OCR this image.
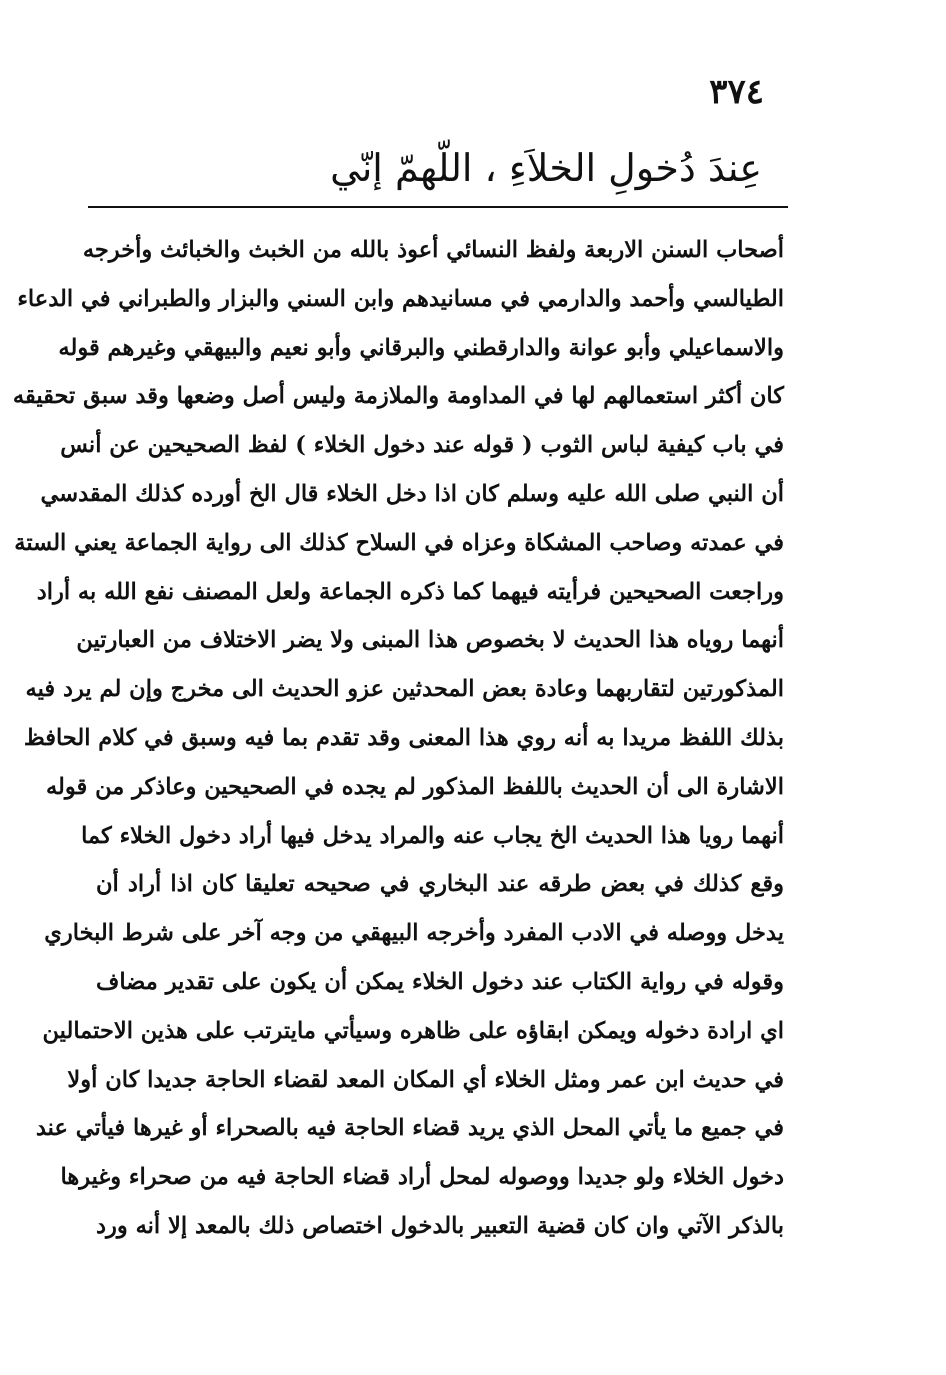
٣٧٤
عِندَ دُخولِ الخلاَءِ ، اللّهمّ إنّي
أصحاب السنن الاربعة ولفظ النسائي أعوذ بالله من الخبث والخبائث وأخرجه
الطيالسي وأحمد والدارمي في مسانيدهم وابن السني والبزار والطبراني في الدعاء
والاسماعيلي وأبو عوانة والدارقطني والبرقاني وأبو نعيم والبيهقي وغيرهم قوله
كان أكثر استعمالهم لها في المداومة والملازمة وليس أصل وضعها وقد سبق تحقيقه
في باب كيفية لباس الثوب ( قوله عند دخول الخلاء ) لفظ الصحيحين عن أنس
أن النبي صلى الله عليه وسلم كان اذا دخل الخلاء قال الخ أورده كذلك المقدسي
في عمدته وصاحب المشكاة وعزاه في السلاح كذلك الى رواية الجماعة يعني الستة
وراجعت الصحيحين فرأيته فيهما كما ذكره الجماعة ولعل المصنف نفع الله به أراد
أنهما روياه هذا الحديث لا بخصوص هذا المبنى ولا يضر الاختلاف من العبارتين
المذكورتين لتقاربهما وعادة بعض المحدثين عزو الحديث الى مخرج وإن لم يرد فيه
بذلك اللفظ مريدا به أنه روي هذا المعنى وقد تقدم بما فيه وسبق في كلام الحافظ
الاشارة الى أن الحديث باللفظ المذكور لم يجده في الصحيحين وعاذكر من قوله
أنهما رويا هذا الحديث الخ يجاب عنه والمراد يدخل فيها أراد دخول الخلاء كما
وقع كذلك في بعض طرقه عند البخاري في صحيحه تعليقا كان اذا أراد أن
يدخل ووصله في الادب المفرد وأخرجه البيهقي من وجه آخر على شرط البخاري
وقوله في رواية الكتاب عند دخول الخلاء يمكن أن يكون على تقدير مضاف
اي ارادة دخوله ويمكن ابقاؤه على ظاهره وسيأتي مايترتب على هذين الاحتمالين
في حديث ابن عمر ومثل الخلاء أي المكان المعد لقضاء الحاجة جديدا كان أولا
في جميع ما يأتي المحل الذي يريد قضاء الحاجة فيه بالصحراء أو غيرها فيأتي عند
دخول الخلاء ولو جديدا ووصوله لمحل أراد قضاء الحاجة فيه من صحراء وغيرها
بالذكر الآتي وان كان قضية التعبير بالدخول اختصاص ذلك بالمعد إلا أنه ورد
